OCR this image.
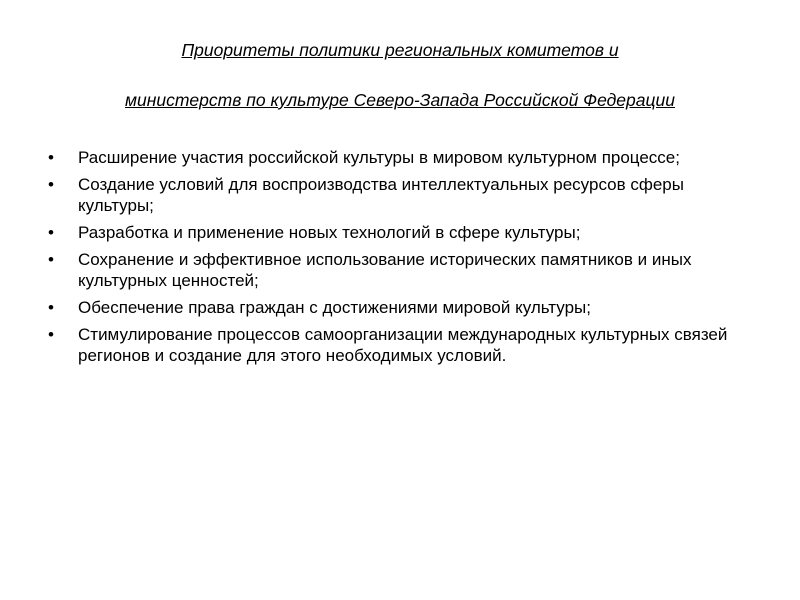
Приоритеты политики региональных комитетов и
министерств по культуре Северо-Запада Российской Федерации
• Расширение участия российской культуры в мировом культурном процессе;
• Создание условий для воспроизводства интеллектуальных ресурсов сферы культуры;
• Разработка и применение новых технологий в сфере культуры;
• Сохранение и эффективное использование исторических памятников и иных культурных ценностей;
• Обеспечение права граждан с достижениями мировой культуры;
• Стимулирование процессов самоорганизации международных культурных связей регионов и создание для этого необходимых условий.
